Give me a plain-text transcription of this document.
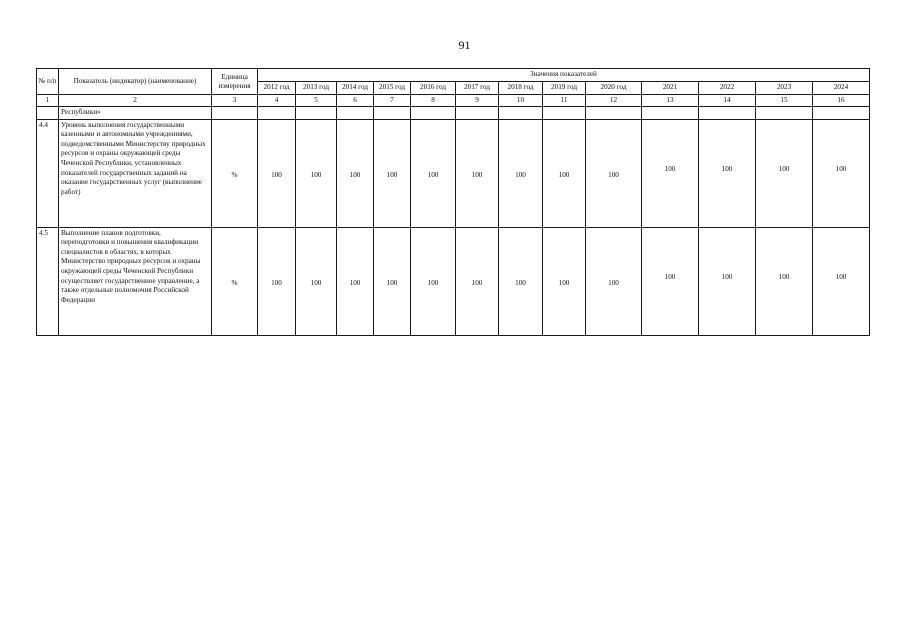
91
№ п/п	Показатель (индикатор) (наименование)	Единица измерения	Значения показателей												
			2012 год	2013 год	2014 год	2015 год	2016 год	2017 год	2018 год	2019 год	2020 год	2021	2022	2023	2024
1	2	3	4	5	6	7	8	9	10	11	12	13	14	15	16
	Республики»														
4.4	Уровень выполнения государственными казенными и автономными учреждениями, подведомственными Министерству природных ресурсов и охраны окружающей среды Чеченской Республики, установленных показателей государственных заданий на оказание государственных услуг (выполнение работ)	%	100	100	100	100	100	100	100	100	100	100	100	100	100
4.5	Выполнение планов подготовки, переподготовки и повышения квалификации специалистов в областях, в которых Министерство природных ресурсов и охраны окружающей среды Чеченской Республики осуществляет государственное управление, а также отдельные полномочия Российской Федерации	%	100	100	100	100	100	100	100	100	100	100	100	100	100
